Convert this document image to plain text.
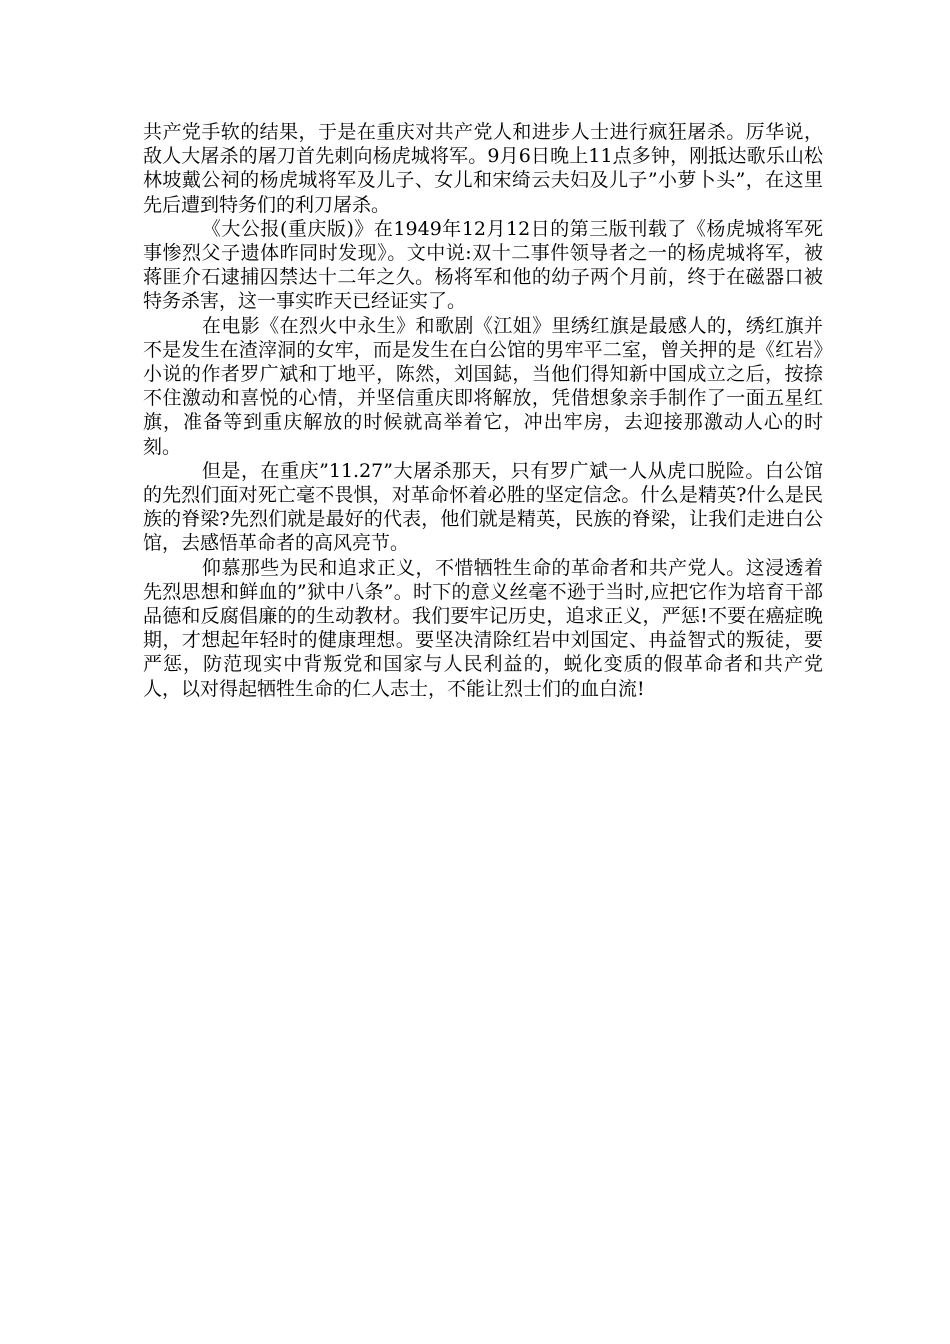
共产党手软的结果，于是在重庆对共产党人和进步人士进行疯狂屠杀。厉华说，敌人大屠杀的屠刀首先刺向杨虎城将军。9月6日晚上11点多钟，刚抵达歌乐山松林坡戴公祠的杨虎城将军及儿子、女儿和宋绮云夫妇及儿子”小萝卜头”，在这里先后遭到特务们的利刀屠杀。

《大公报(重庆版)》在1949年12月12日的第三版刊载了《杨虎城将军死事惨烈父子遗体昨同时发现》。文中说:双十二事件领导者之一的杨虎城将军，被蒋匪介石逮捕囚禁达十二年之久。杨将军和他的幼子两个月前，终于在磁器口被特务杀害，这一事实昨天已经证实了。

在电影《在烈火中永生》和歌剧《江姐》里绣红旗是最感人的，绣红旗并不是发生在渣滓洞的女牢，而是发生在白公馆的男牢平二室，曾关押的是《红岩》小说的作者罗广斌和丁地平，陈然，刘国鋕，当他们得知新中国成立之后，按捺不住激动和喜悦的心情，并坚信重庆即将解放，凭借想象亲手制作了一面五星红旗，准备等到重庆解放的时候就高举着它，冲出牢房，去迎接那激动人心的时刻。

但是，在重庆”11.27”大屠杀那天，只有罗广斌一人从虎口脱险。白公馆的先烈们面对死亡毫不畏惧，对革命怀着必胜的坚定信念。什么是精英?什么是民族的脊梁?先烈们就是最好的代表，他们就是精英，民族的脊梁，让我们走进白公馆，去感悟革命者的高风亮节。

仰慕那些为民和追求正义，不惜牺牲生命的革命者和共产党人。这浸透着先烈思想和鲜血的”狱中八条”。时下的意义丝毫不逊于当时,应把它作为培育干部品德和反腐倡廉的的生动教材。我们要牢记历史，追求正义，严惩!不要在癌症晚期，才想起年轻时的健康理想。要坚决清除红岩中刘国定、冉益智式的叛徒，要严惩，防范现实中背叛党和国家与人民利益的，蜕化变质的假革命者和共产党人，以对得起牺牲生命的仁人志士，不能让烈士们的血白流!
